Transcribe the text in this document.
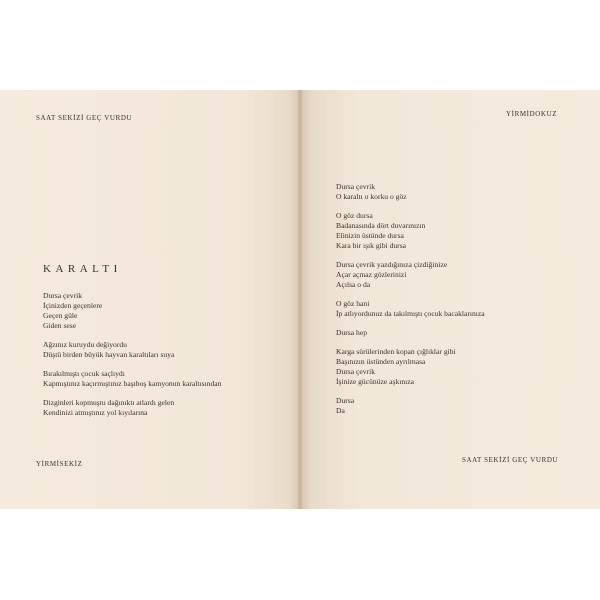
SAAT SEKİZİ GEÇ VURDU
KARALTI
Dursa çevrik
İçinizden geçenlere
Geçen güle
Giden sese
Ağzınız kuruydu değiyordu
Düştü birden büyük hayvan karaltıları suya
Bırakılmıştı çocuk saçlıydı
Kapmıştınız kaçırmıştınız başıboş kamyonun karaltısından
Dizginleri kopmuştu dağınıktı atlardı gelen
Kendinizi atmıştınız yol kıyılarına
YİRMİSEKİZ
YİRMİDOKUZ
Dursa çevrik
O karaltı o korku o göz
O göz dursa
Badanasında dört duvarınızın
Elinizin üstünde dursa
Kara bir ışık gibi dursa
Dursa çevrik yazdığınıza çizdiğinize
Açar açmaz gözlerinizi
Açılsa o da
O göz hani
İp atlıyordunuz da takılmıştı çocuk bacaklarınıza
Dursa hep
Karga sürülerinden kopan çığlıklar gibi
Başınızın üstünden ayrılmasa
Dursa çevrik
İşinize gücünüze aşkınıza
Dursa
Da
SAAT SEKİZİ GEÇ VURDU
